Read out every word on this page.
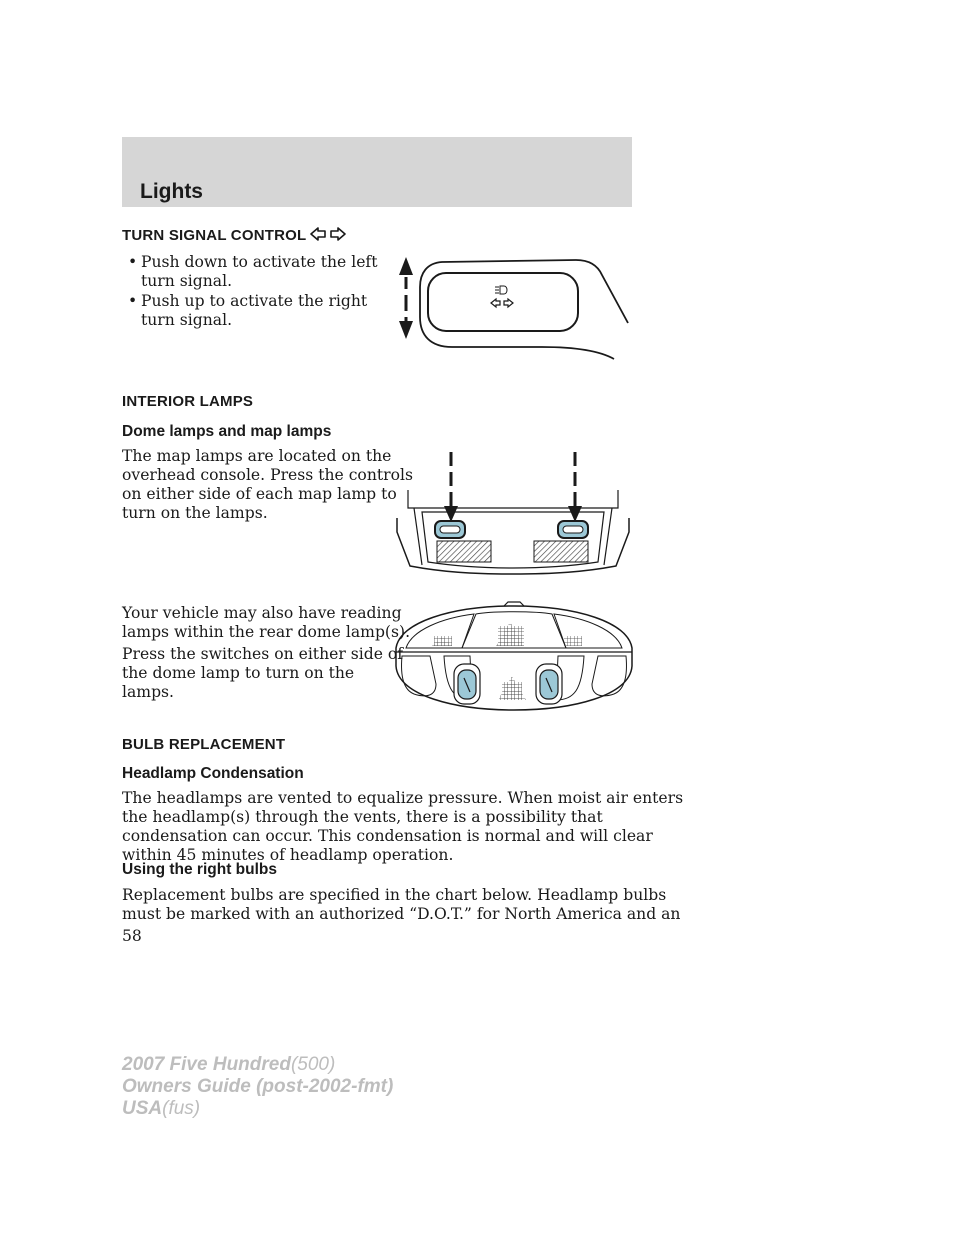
Lights
TURN SIGNAL CONTROL
• Push down to activate the left turn signal.
• Push up to activate the right turn signal.
INTERIOR LAMPS
Dome lamps and map lamps
The map lamps are located on the
overhead console. Press the controls
on either side of each map lamp to
turn on the lamps.
Your vehicle may also have reading
lamps within the rear dome lamp(s).
Press the switches on either side of
the dome lamp to turn on the
lamps.
BULB REPLACEMENT
Headlamp Condensation
The headlamps are vented to equalize pressure. When moist air enters
the headlamp(s) through the vents, there is a possibility that
condensation can occur. This condensation is normal and will clear
within 45 minutes of headlamp operation.
Using the right bulbs
Replacement bulbs are specified in the chart below. Headlamp bulbs
must be marked with an authorized “D.O.T.” for North America and an
58
2007 Five Hundred(500)
Owners Guide (post-2002-fmt)
USA(fus)
